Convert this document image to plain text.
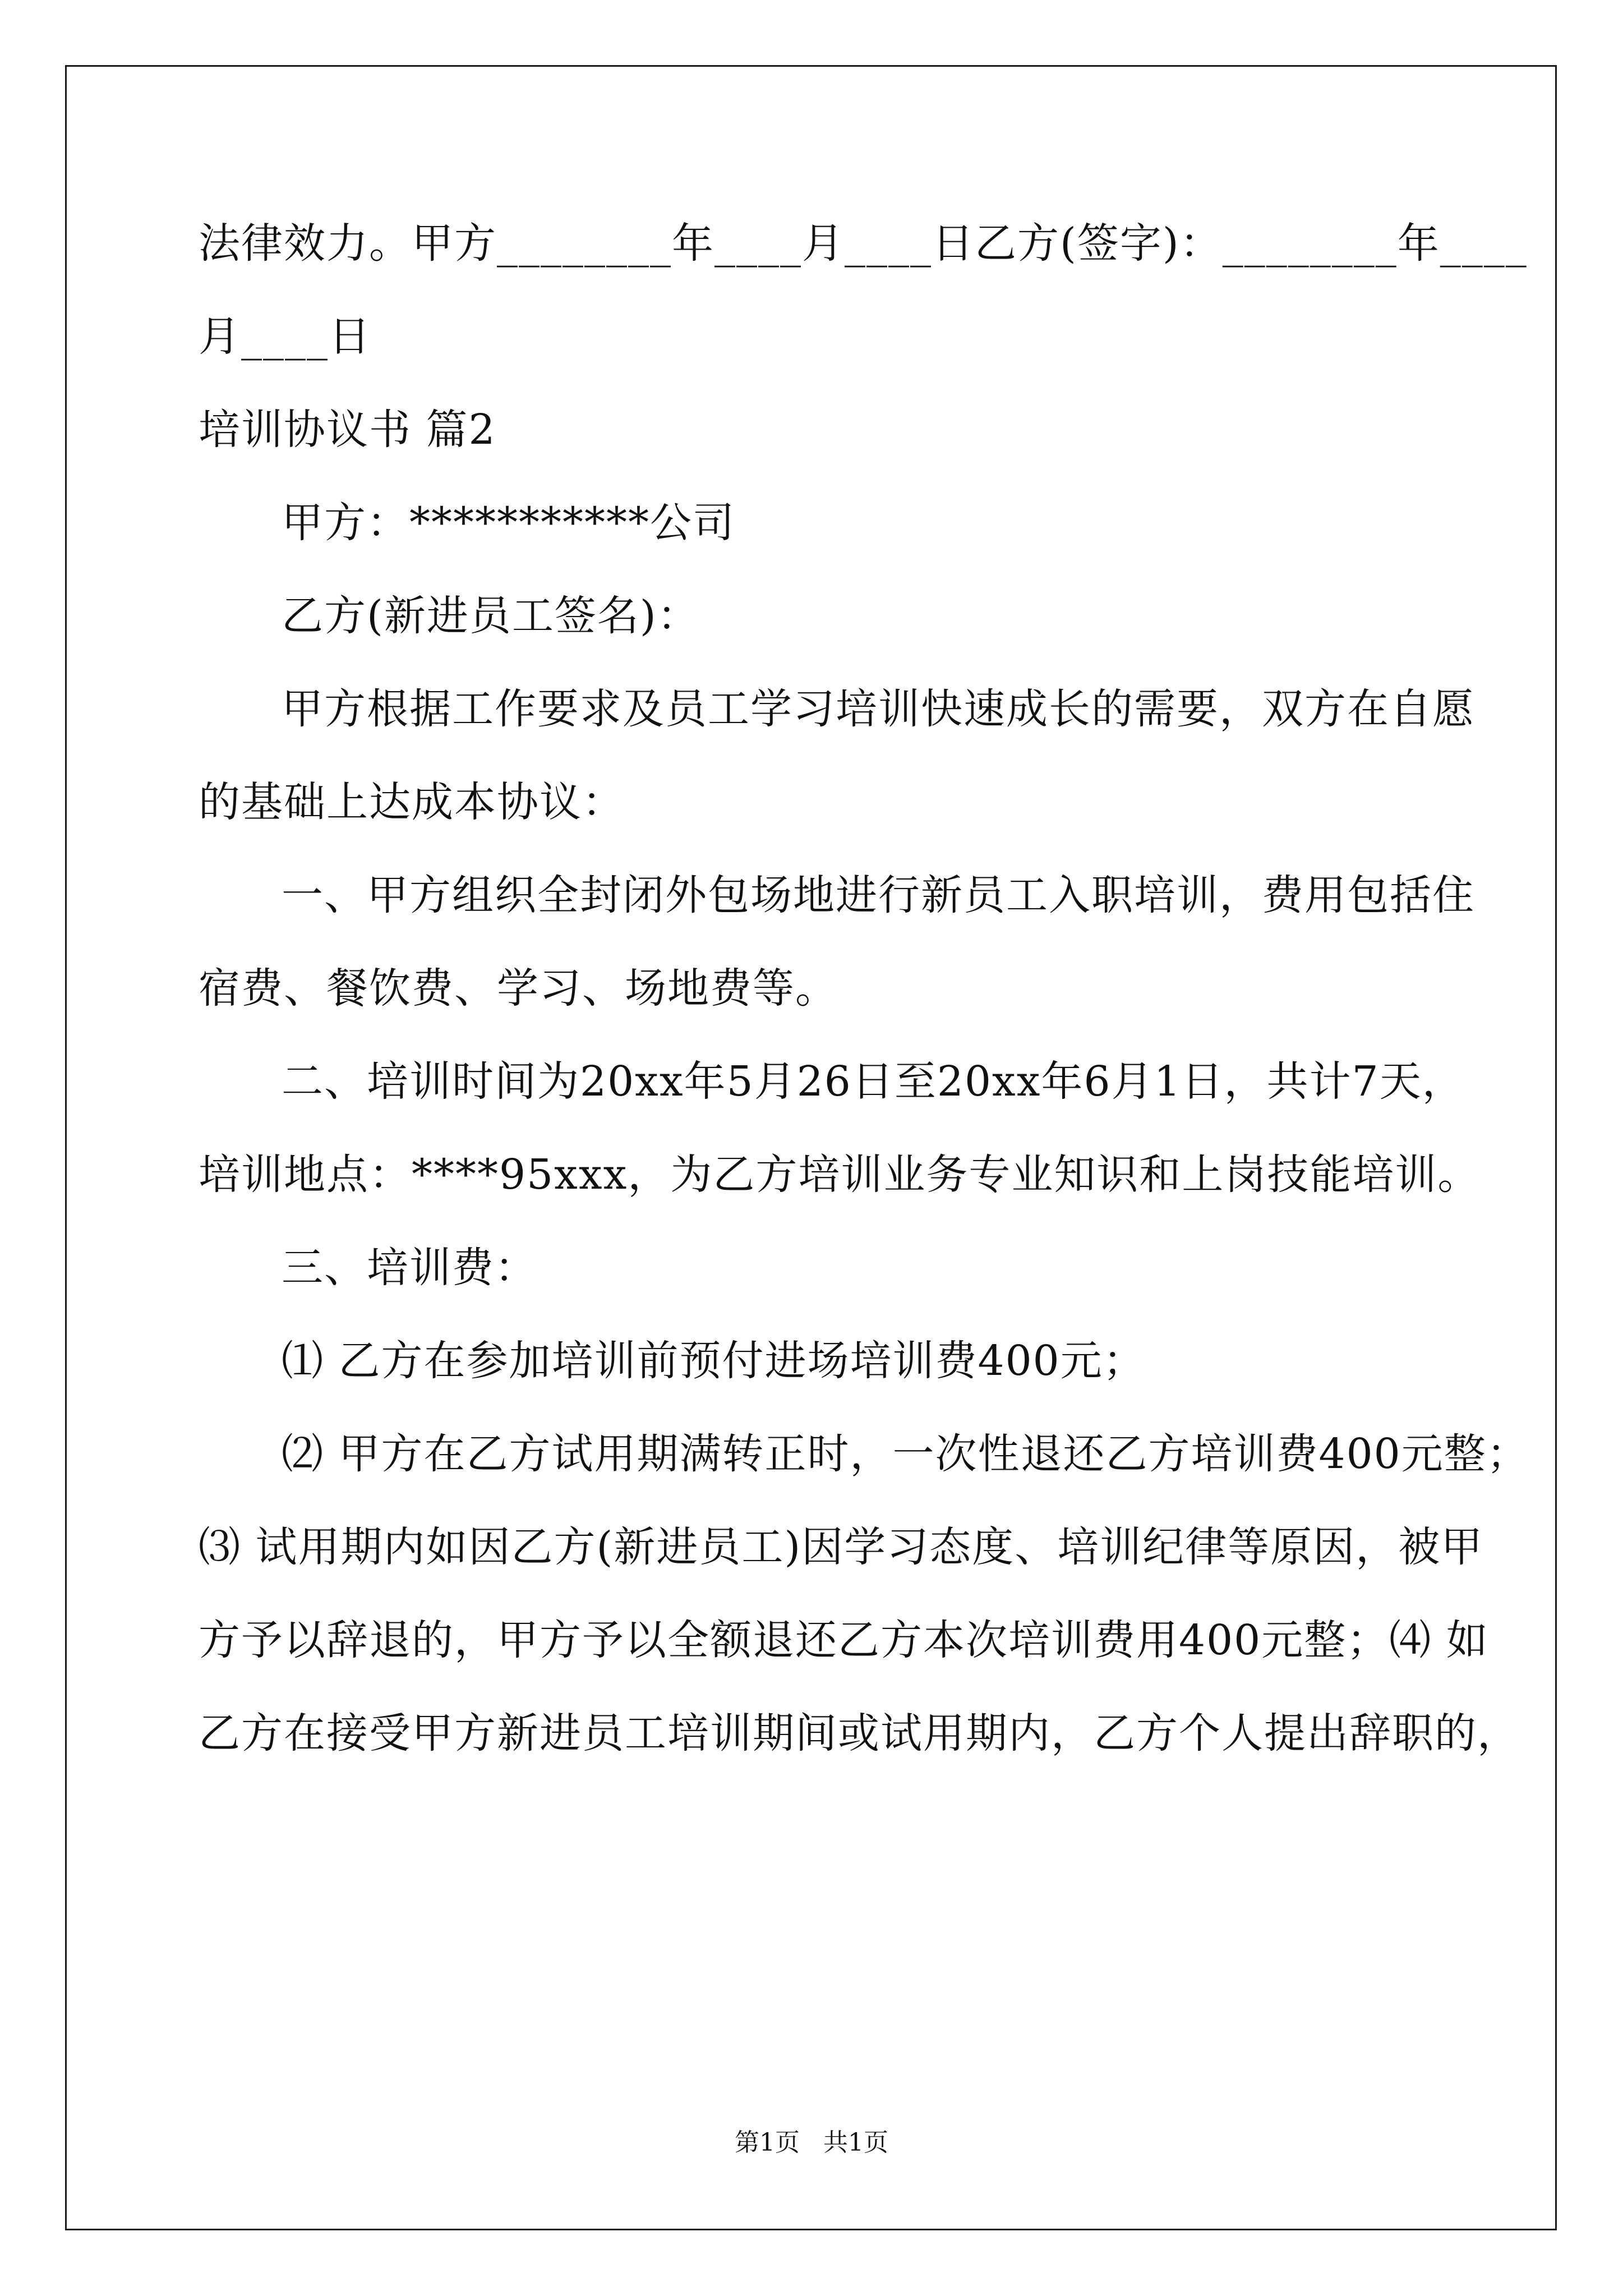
法律效力。甲方________年____月____日乙方(签字)：________年____
月____日
培训协议书 篇2
甲方：***********公司
乙方(新进员工签名)：
甲方根据工作要求及员工学习培训快速成长的需要，双方在自愿
的基础上达成本协议：
一、甲方组织全封闭外包场地进行新员工入职培训，费用包括住
宿费、餐饮费、学习、场地费等。
二、培训时间为20xx年5月26日至20xx年6月1日，共计7天，
培训地点：****95xxx，为乙方培训业务专业知识和上岗技能培训。
三、培训费：
⑴ 乙方在参加培训前预付进场培训费400元；
⑵ 甲方在乙方试用期满转正时，一次性退还乙方培训费400元整；
⑶ 试用期内如因乙方(新进员工)因学习态度、培训纪律等原因，被甲
方予以辞退的，甲方予以全额退还乙方本次培训费用400元整；⑷ 如
乙方在接受甲方新进员工培训期间或试用期内，乙方个人提出辞职的，
第1页   共1页
